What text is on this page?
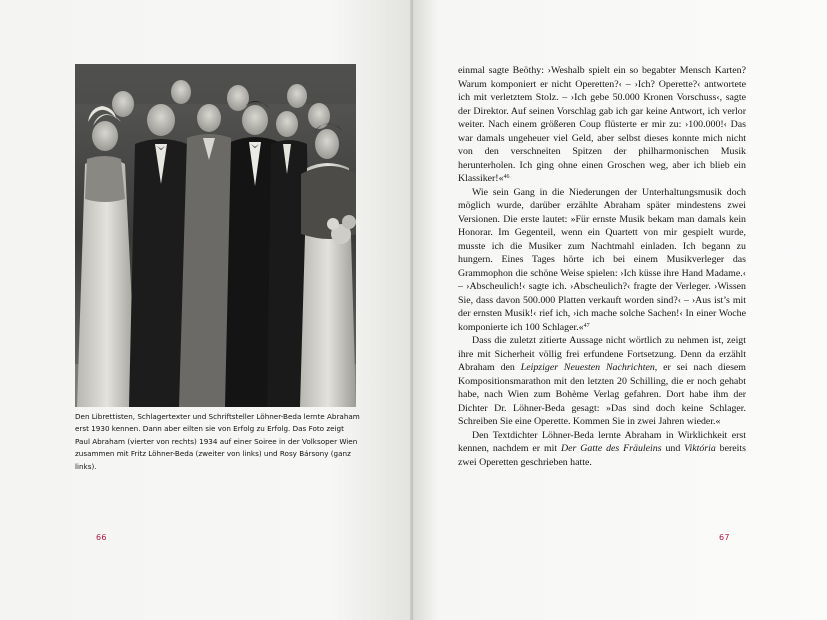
Den Librettisten, Schlagertexter und Schriftsteller Löhner-Beda lernte Abraham erst 1930 kennen. Dann aber eilten sie von Erfolg zu Erfolg. Das Foto zeigt Paul Abraham (vierter von rechts) 1934 auf einer Soiree in der Volksoper Wien zusammen mit Fritz Löhner-Beda (zweiter von links) und Rosy Bársony (ganz links).

66	67

einmal sagte Beöthy: ›Weshalb spielt ein so begabter Mensch Karten? Warum komponiert er nicht Operetten?‹ – ›Ich? Operette?‹ antwortete ich mit verletztem Stolz. – ›Ich gebe 50.000 Kronen Vorschuss‹, sagte der Direktor. Auf seinen Vorschlag gab ich gar keine Antwort, ich verlor weiter. Nach einem größeren Coup flüsterte er mir zu: ›100.000!‹ Das war damals ungeheuer viel Geld, aber selbst dieses konnte mich nicht von den verschneiten Spitzen der philharmonischen Musik herunterholen. Ich ging ohne einen Groschen weg, aber ich blieb ein Klassiker!«$^{46}$

Wie sein Gang in die Niederungen der Unterhaltungsmusik doch möglich wurde, darüber erzählte Abraham später mindestens zwei Versionen. Die erste lautet: »Für ernste Musik bekam man damals kein Honorar. Im Gegenteil, wenn ein Quartett von mir gespielt wurde, musste ich die Musiker zum Nachtmahl einladen. Ich begann zu hungern. Eines Tages hörte ich bei einem Musikverleger das Grammophon die schöne Weise spielen: ›Ich küsse ihre Hand Madame.‹ – ›Abscheulich!‹ sagte ich. ›Abscheulich?‹ fragte der Verleger. ›Wissen Sie, dass davon 500.000 Platten verkauft worden sind?‹ – ›Aus ist’s mit der ernsten Musik!‹ rief ich, ›ich mache solche Sachen!‹ In einer Woche komponierte ich 100 Schlager.«$^{47}$

Dass die zuletzt zitierte Aussage nicht wörtlich zu nehmen ist, zeigt ihre mit Sicherheit völlig frei erfundene Fortsetzung. Denn da erzählt Abraham den Leipziger Neuesten Nachrichten, er sei nach diesem Kompositionsmarathon mit den letzten 20 Schilling, die er noch gehabt habe, nach Wien zum Bohème Verlag gefahren. Dort habe ihm der Dichter Dr. Löhner-Beda gesagt: »Das sind doch keine Schlager. Schreiben Sie eine Operette. Kommen Sie in zwei Jahren wieder.«

Den Textdichter Löhner-Beda lernte Abraham in Wirklichkeit erst kennen, nachdem er mit Der Gatte des Fräuleins und Viktória bereits zwei Operetten geschrieben hatte.
